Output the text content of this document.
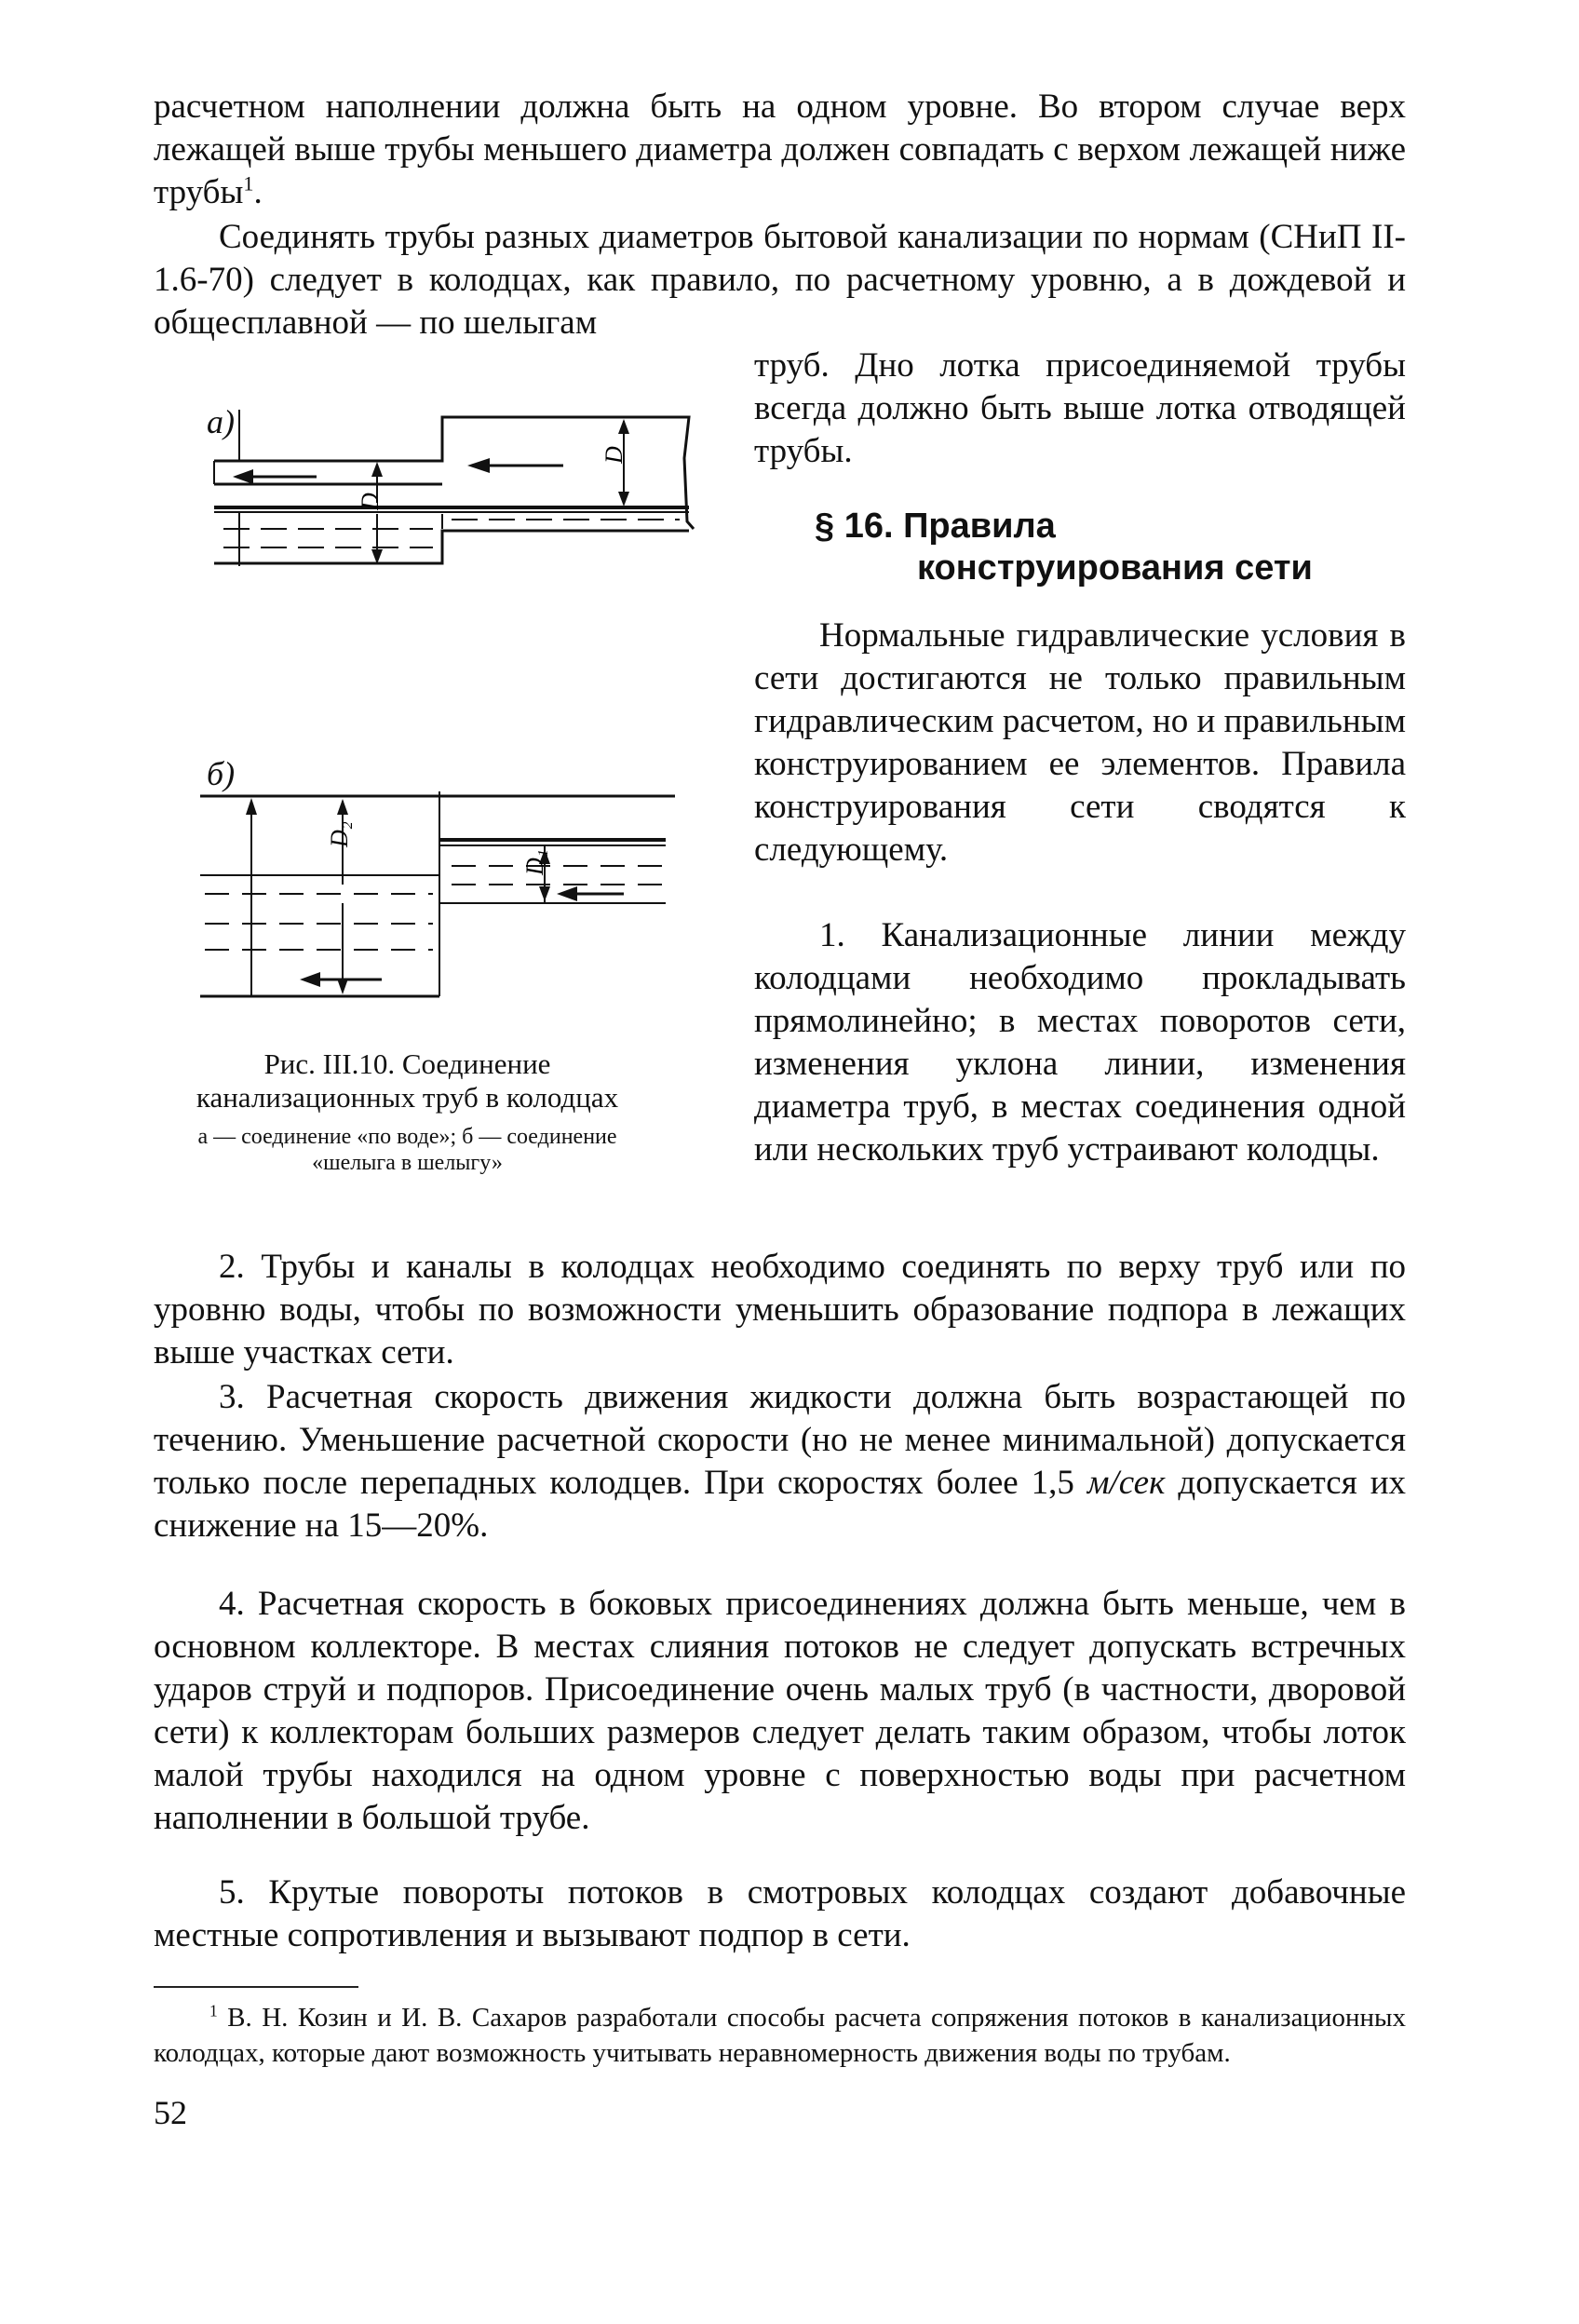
расчетном наполнении должна быть на одном уровне. Во втором случае верх лежащей выше трубы меньшего диаметра должен совпадать с верхом лежащей ниже трубы$^1$.

Соединять трубы разных диаметров бытовой канализации по нормам (СНиП II-1.6-70) следует в колодцах, как правило, по расчетному уровню, а в дождевой и общесплавной — по шелыгам

труб. Дно лотка присоединяемой трубы всегда должно быть выше лотка отводящей трубы.

§ 16. Правила
конструирования сети

Нормальные гидравлические условия в сети достигаются не только правильным гидравлическим расчетом, но и правильным конструированием ее элементов. Правила конструирования сети сводятся к следующему.

1. Канализационные линии между колодцами необходимо прокладывать прямолинейно; в местах поворотов сети, изменения уклона линии, изменения диаметра труб, в местах соединения одной или нескольких труб устраивают колодцы.

2. Трубы и каналы в колодцах необходимо соединять по верху труб или по уровню воды, чтобы по возможности уменьшить образование подпора в лежащих выше участках сети.

3. Расчетная скорость движения жидкости должна быть возрастающей по течению. Уменьшение расчетной скорости (но не менее минимальной) допускается только после перепадных колодцев. При скоростях более 1,5 м/сек допускается их снижение на 15—20%.

4. Расчетная скорость в боковых присоединениях должна быть меньше, чем в основном коллекторе. В местах слияния потоков не следует допускать встречных ударов струй и подпоров. Присоединение очень малых труб (в частности, дворовой сети) к коллекторам больших размеров следует делать таким образом, чтобы лоток малой трубы находился на одном уровне с поверхностью воды при расчетном наполнении в большой трубе.

5. Крутые повороты потоков в смотровых колодцах создают добавочные местные сопротивления и вызывают подпор в сети.

$^1$ В. Н. Козин и И. В. Сахаров разработали способы расчета сопряжения потоков в канализационных колодцах, которые дают возможность учитывать неравномерность движения воды по трубам.

52
а)
б)
D
D
D₂
D₁

Рис. III.10. Соединение канализационных труб в колодцах

а — соединение «по воде»; б — соединение «шелыга в шелыгу»
